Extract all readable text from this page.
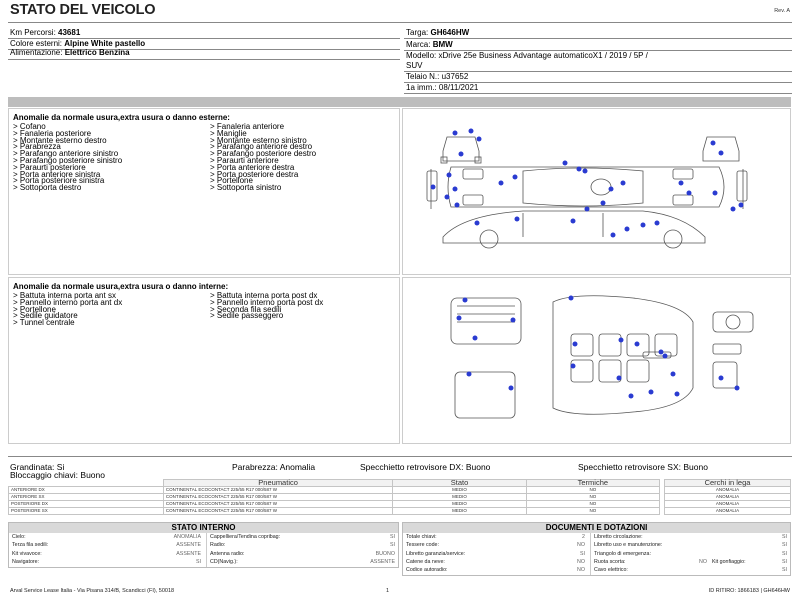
STATO DEL VEICOLO	Rev. A
Km Percorsi: 43681
Colore esterni: Alpine White pastello
Alimentazione: Elettrico Benzina
Targa: GH646HW
Marca: BMW
Modello: xDrive 25e Business Advantage automaticoX1 / 2019 / 5P /
SUV
Telaio N.: u37652
1a imm.: 08/11/2021
Anomalie da normale usura,extra usura o danno esterne:
> Cofano
> Fanaleria posteriore
> Montante esterno destro
> Parabrezza
> Parafango anteriore sinistro
> Parafango posteriore sinistro
> Paraurti posteriore
> Porta anteriore sinistra
> Porta posteriore sinistra
> Sottoporta destro
> Fanaleria anteriore
> Maniglie
> Montante esterno sinistro
> Parafango anteriore destro
> Parafango posteriore destro
> Paraurti anteriore
> Porta anteriore destra
> Porta posteriore destra
> Portellone
> Sottoporta sinistro
Anomalie da normale usura,extra usura o danno interne:
> Battuta interna porta ant sx
> Pannello interno porta ant dx
> Portellone
> Sedile guidatore
> Tunnel centrale
> Battuta interna porta post dx
> Pannello interno porta post dx
> Seconda fila sedili
> Sedile passeggero
Grandinata: Si
Bloccaggio chiavi: Buono
Parabrezza: Anomalia	Specchietto retrovisore DX: Buono	Specchietto retrovisore SX: Buono
	Pneumatico	Stato	Termiche
ANTERIORE DX	CONTINENTAL ECOCONTACT 225/55 R17 000/587 W	MEDIO	NO
ANTERIORE SX	CONTINENTAL ECOCONTACT 225/55 R17 000/587 W	MEDIO	NO
POSTERIORE DX	CONTINENTAL ECOCONTACT 225/55 R17 000/587 W	MEDIO	NO
POSTERIORE SX	CONTINENTAL ECOCONTACT 225/55 R17 000/587 W	MEDIO	NO
Cerchi in lega
ANOMALIA
ANOMALIA
ANOMALIA
ANOMALIA
STATO INTERNO
Cielo:	ANOMALIA
Terza fila sedili:	ASSENTE
Kit vivavoce:	ASSENTE
Navigatore:	SI
Cappelliera/Tendina copribag:	SI
Radio:	SI
Antenna radio:	BUONO
CD(Navig.):	ASSENTE
DOCUMENTI E DOTAZIONI
Totale chiavi:	2
Tessere code:	NO
Libretto garanzia/service:	SI
Catene da neve:	NO
Codice autoradio:	NO
Libretto circolazione:	SI
Libretto uso e manutenzione:	SI
Triangolo di emergenza:	SI
Ruota scorta:	NO Kit gonfiaggio:	SI
Cavo elettrico:	SI
Arval Service Lease Italia - Via Pisana 314/B, Scandicci (FI), 50018	1	ID RITIRO: 1866183 | GH646HW
